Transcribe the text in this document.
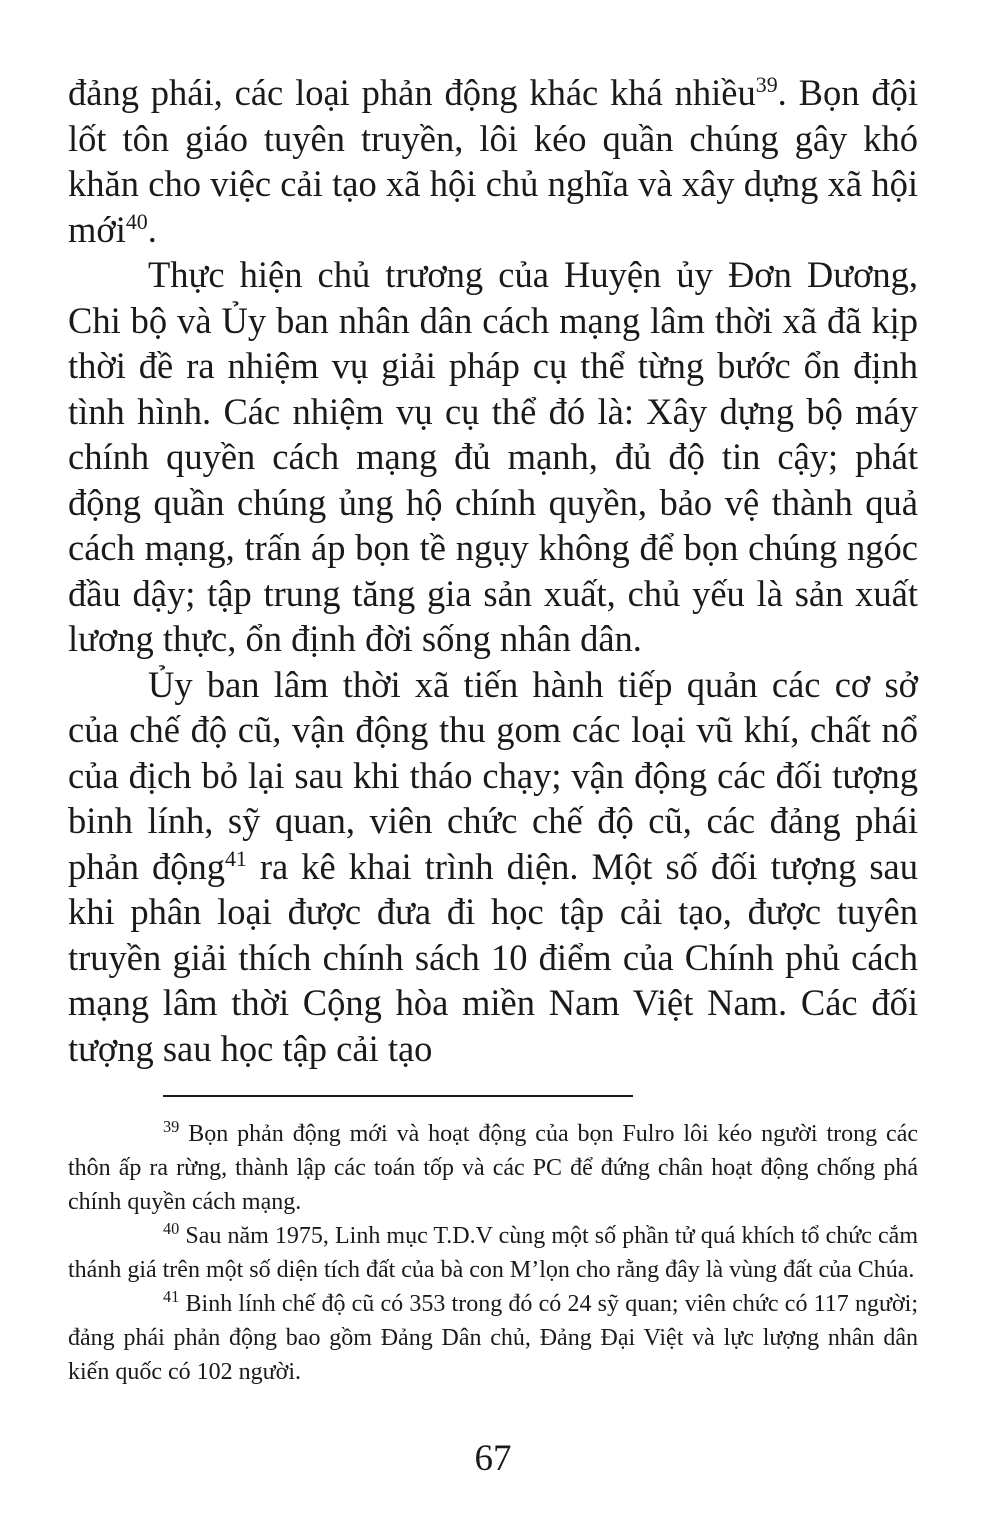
đảng phái, các loại phản động khác khá nhiều$^{39}$. Bọn đội lốt tôn giáo tuyên truyền, lôi kéo quần chúng gây khó khăn cho việc cải tạo xã hội chủ nghĩa và xây dựng xã hội mới$^{40}$.

Thực hiện chủ trương của Huyện ủy Đơn Dương, Chi bộ và Ủy ban nhân dân cách mạng lâm thời xã đã kịp thời đề ra nhiệm vụ giải pháp cụ thể từng bước ổn định tình hình. Các nhiệm vụ cụ thể đó là: Xây dựng bộ máy chính quyền cách mạng đủ mạnh, đủ độ tin cậy; phát động quần chúng ủng hộ chính quyền, bảo vệ thành quả cách mạng, trấn áp bọn tề ngụy không để bọn chúng ngóc đầu dậy; tập trung tăng gia sản xuất, chủ yếu là sản xuất lương thực, ổn định đời sống nhân dân.

Ủy ban lâm thời xã tiến hành tiếp quản các cơ sở của chế độ cũ, vận động thu gom các loại vũ khí, chất nổ của địch bỏ lại sau khi tháo chạy; vận động các đối tượng binh lính, sỹ quan, viên chức chế độ cũ, các đảng phái phản động$^{41}$ ra kê khai trình diện. Một số đối tượng sau khi phân loại được đưa đi học tập cải tạo, được tuyên truyền giải thích chính sách 10 điểm của Chính phủ cách mạng lâm thời Cộng hòa miền Nam Việt Nam. Các đối tượng sau học tập cải tạo

$^{39}$ Bọn phản động mới và hoạt động của bọn Fulro lôi kéo người trong các thôn ấp ra rừng, thành lập các toán tốp và các PC để đứng chân hoạt động chống phá chính quyền cách mạng.

$^{40}$ Sau năm 1975, Linh mục T.D.V cùng một số phần tử quá khích tổ chức cắm thánh giá trên một số diện tích đất của bà con M’lọn cho rằng đây là vùng đất của Chúa.

$^{41}$ Binh lính chế độ cũ có 353 trong đó có 24 sỹ quan; viên chức có 117 người; đảng phái phản động bao gồm Đảng Dân chủ, Đảng Đại Việt và lực lượng nhân dân kiến quốc có 102 người.

67
